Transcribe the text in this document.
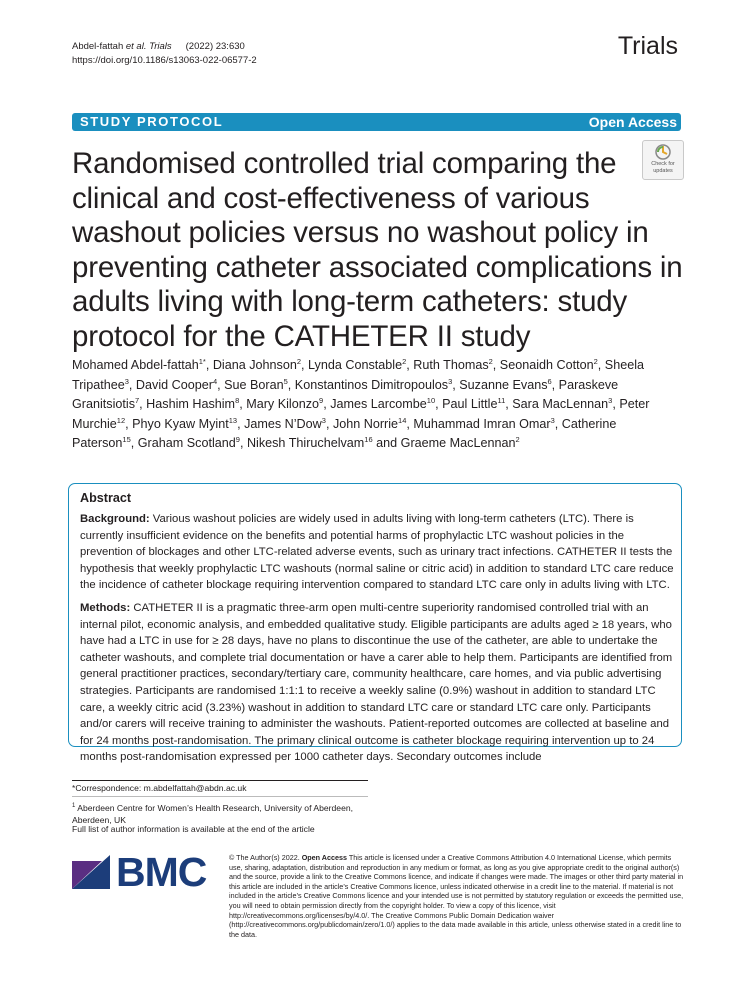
Abdel-fattah et al. Trials (2022) 23:630
https://doi.org/10.1186/s13063-022-06577-2
Trials
STUDY PROTOCOL	Open Access
Randomised controlled trial comparing the clinical and cost-effectiveness of various washout policies versus no washout policy in preventing catheter associated complications in adults living with long-term catheters: study protocol for the CATHETER II study
Check for
updates

Mohamed Abdel-fattah$^{1*}$, Diana Johnson$^2$, Lynda Constable$^2$, Ruth Thomas$^2$, Seonaidh Cotton$^2$, Sheela Tripathee$^3$, David Cooper$^4$, Sue Boran$^5$, Konstantinos Dimitropoulos$^3$, Suzanne Evans$^6$, Paraskeve Granitsiotis$^7$, Hashim Hashim$^8$, Mary Kilonzo$^9$, James Larcombe$^{10}$, Paul Little$^{11}$, Sara MacLennan$^3$, Peter Murchie$^{12}$, Phyo Kyaw Myint$^{13}$, James N’Dow$^3$, John Norrie$^{14}$, Muhammad Imran Omar$^3$, Catherine Paterson$^{15}$, Graham Scotland$^9$, Nikesh Thiruchelvam$^{16}$ and Graeme MacLennan$^2$

Abstract

Background: Various washout policies are widely used in adults living with long-term catheters (LTC). There is currently insufficient evidence on the benefits and potential harms of prophylactic LTC washout policies in the prevention of blockages and other LTC-related adverse events, such as urinary tract infections. CATHETER II tests the hypothesis that weekly prophylactic LTC washouts (normal saline or citric acid) in addition to standard LTC care reduce the incidence of catheter blockage requiring intervention compared to standard LTC care only in adults living with LTC.

Methods: CATHETER II is a pragmatic three-arm open multi-centre superiority randomised controlled trial with an internal pilot, economic analysis, and embedded qualitative study. Eligible participants are adults aged ≥ 18 years, who have had a LTC in use for ≥ 28 days, have no plans to discontinue the use of the catheter, are able to undertake the catheter washouts, and complete trial documentation or have a carer able to help them. Participants are identified from general practitioner practices, secondary/tertiary care, community healthcare, care homes, and via public advertising strategies. Participants are randomised 1:1:1 to receive a weekly saline (0.9%) washout in addition to standard LTC care, a weekly citric acid (3.23%) washout in addition to standard LTC care or standard LTC care only. Participants and/or carers will receive training to administer the washouts. Patient-reported outcomes are collected at baseline and for 24 months post-randomisation. The primary clinical outcome is catheter blockage requiring intervention up to 24 months post-randomisation expressed per 1000 catheter days. Secondary outcomes include

*Correspondence: m.abdelfattah@abdn.ac.uk
$^1$ Aberdeen Centre for Women’s Health Research, University of Aberdeen, Aberdeen, UK
Full list of author information is available at the end of the article
BMC	© The Author(s) 2022. Open Access This article is licensed under a Creative Commons Attribution 4.0 International License, which permits use, sharing, adaptation, distribution and reproduction in any medium or format, as long as you give appropriate credit to the original author(s) and the source, provide a link to the Creative Commons licence, and indicate if changes were made. The images or other third party material in this article are included in the article’s Creative Commons licence, unless indicated otherwise in a credit line to the material. If material is not included in the article’s Creative Commons licence and your intended use is not permitted by statutory regulation or exceeds the permitted use, you will need to obtain permission directly from the copyright holder. To view a copy of this licence, visit http://creativecommons.org/licenses/by/4.0/. The Creative Commons Public Domain Dedication waiver (http://creativecommons.org/publicdomain/zero/1.0/) applies to the data made available in this article, unless otherwise stated in a credit line to the data.
